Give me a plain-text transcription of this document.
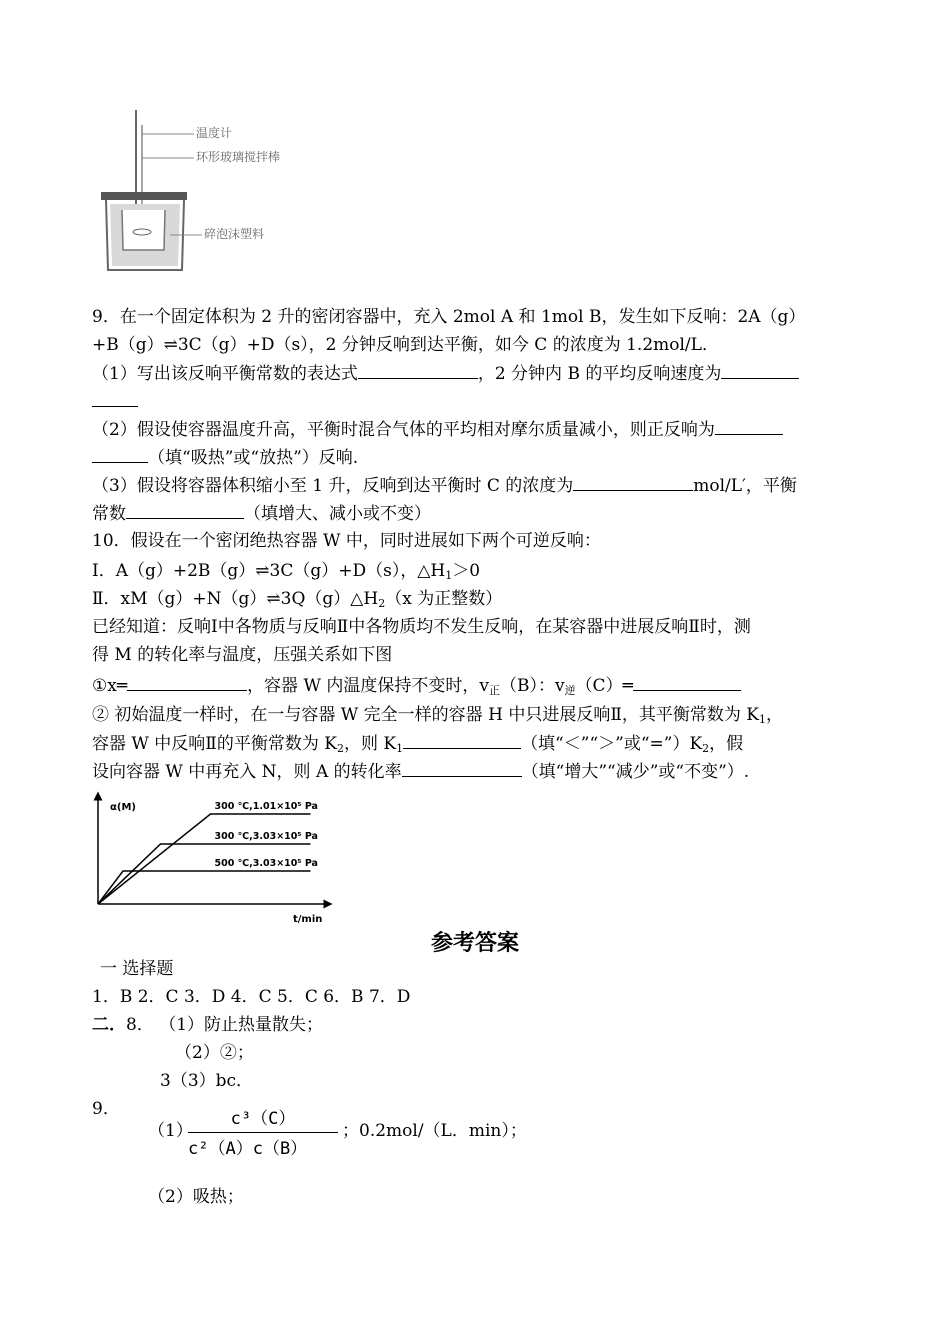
温度计
环形玻璃搅拌棒
碎泡沫塑料
9．在一个固定体积为 2 升的密闭容器中，充入 2mol A 和 1mol B，发生如下反响：2A（g）
+B（g）⇌3C（g）+D（s），2 分钟反响到达平衡，如今 C 的浓度为 1.2mol/L．
（1）写出该反响平衡常数的表达式	，2 分钟内 B 的平均反响速度为
（2）假设使容器温度升高，平衡时混合气体的平均相对摩尔质量减小，则正反响为
（填“吸热”或“放热”）反响.
（3）假设将容器体积缩小至 1 升，反响到达平衡时 C 的浓度为	mol/L′，平衡
常数	（填增大、减小或不变）
10．假设在一个密闭绝热容器 W 中，同时进展如下两个可逆反响：
Ⅰ．A（g）+2B（g）⇌3C（g）+D（s），$\triangle H_1>0$
Ⅱ．$xM(g)+N(g)\rightleftharpoons 3Q(g)\triangle H_2(x$ 为正整数）
已经知道：反响Ⅰ中各物质与反响Ⅱ中各物质均不发生反响，在某容器中进展反响Ⅱ时，测
得 M 的转化率与温度，压强关系如下图
①x═	，容器 W 内温度保持不变时，$v_正(B)$：$v_逆(C)═$
② 初始温度一样时，在一与容器 W 完全一样的容器 H 中只进展反响Ⅱ，其平衡常数为 $K_1$，
容器 W 中反响Ⅱ的平衡常数为 $K_2$，则 $K_1$	（填“＜”“＞”或“$=”)K_2$，假
设向容器 W 中再充入 N，则 A 的转化率	（填“增大”“减少”或“不变”）.
α(M)
t/min
300 ℃,1.01×10⁵ Pa
300 ℃,3.03×10⁵ Pa
500 ℃,3.03×10⁵ Pa
参考答案
一 选择题
1．B 2．C 3．D 4．C 5．C 6．B 7．D
二．8． （1）防止热量散失；
（2）②；
3（3）bc．
9．
（1）
$\frac{\text{c³（C）}}{\text{c²（A）c（B）}}$ ；0.2mol/（L．min）；
（2）吸热；
